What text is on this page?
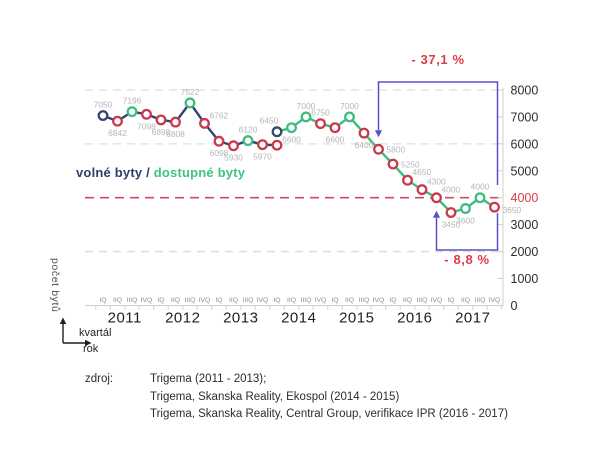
8000
7000
6000
5000
4000
3000
2000
1000
0
IQ IIQ IIIQ IVQ
2011
IQ IIQ IIIQ IVQ
2012
IQ IIQ IIIQ IVQ
2013
IQ IIQ IIIQ IVQ
2014
IQ IIQ IIIQ IVQ
2015
IQ IIQ IIIQ IVQ
2016
IQ IIQ IIIQ IVQ
2017
7050
6842
7196
7098
6890
6808
7522
6762
6098
5930
6120
5970
6450
6600
7000
6750
6600
7000
6400 5800
5250
4650
4300
4000
3450
3600
4000
3650
volné byty / dostupné byty
- 37,1 %
- 8,8 %
počet bytů
kvartál
rok
zdroj:	Trigema (2011 - 2013);
Trigema, Skanska Reality, Ekospol (2014 - 2015)
Trigema, Skanska Reality, Central Group, verifikace IPR (2016 - 2017)
